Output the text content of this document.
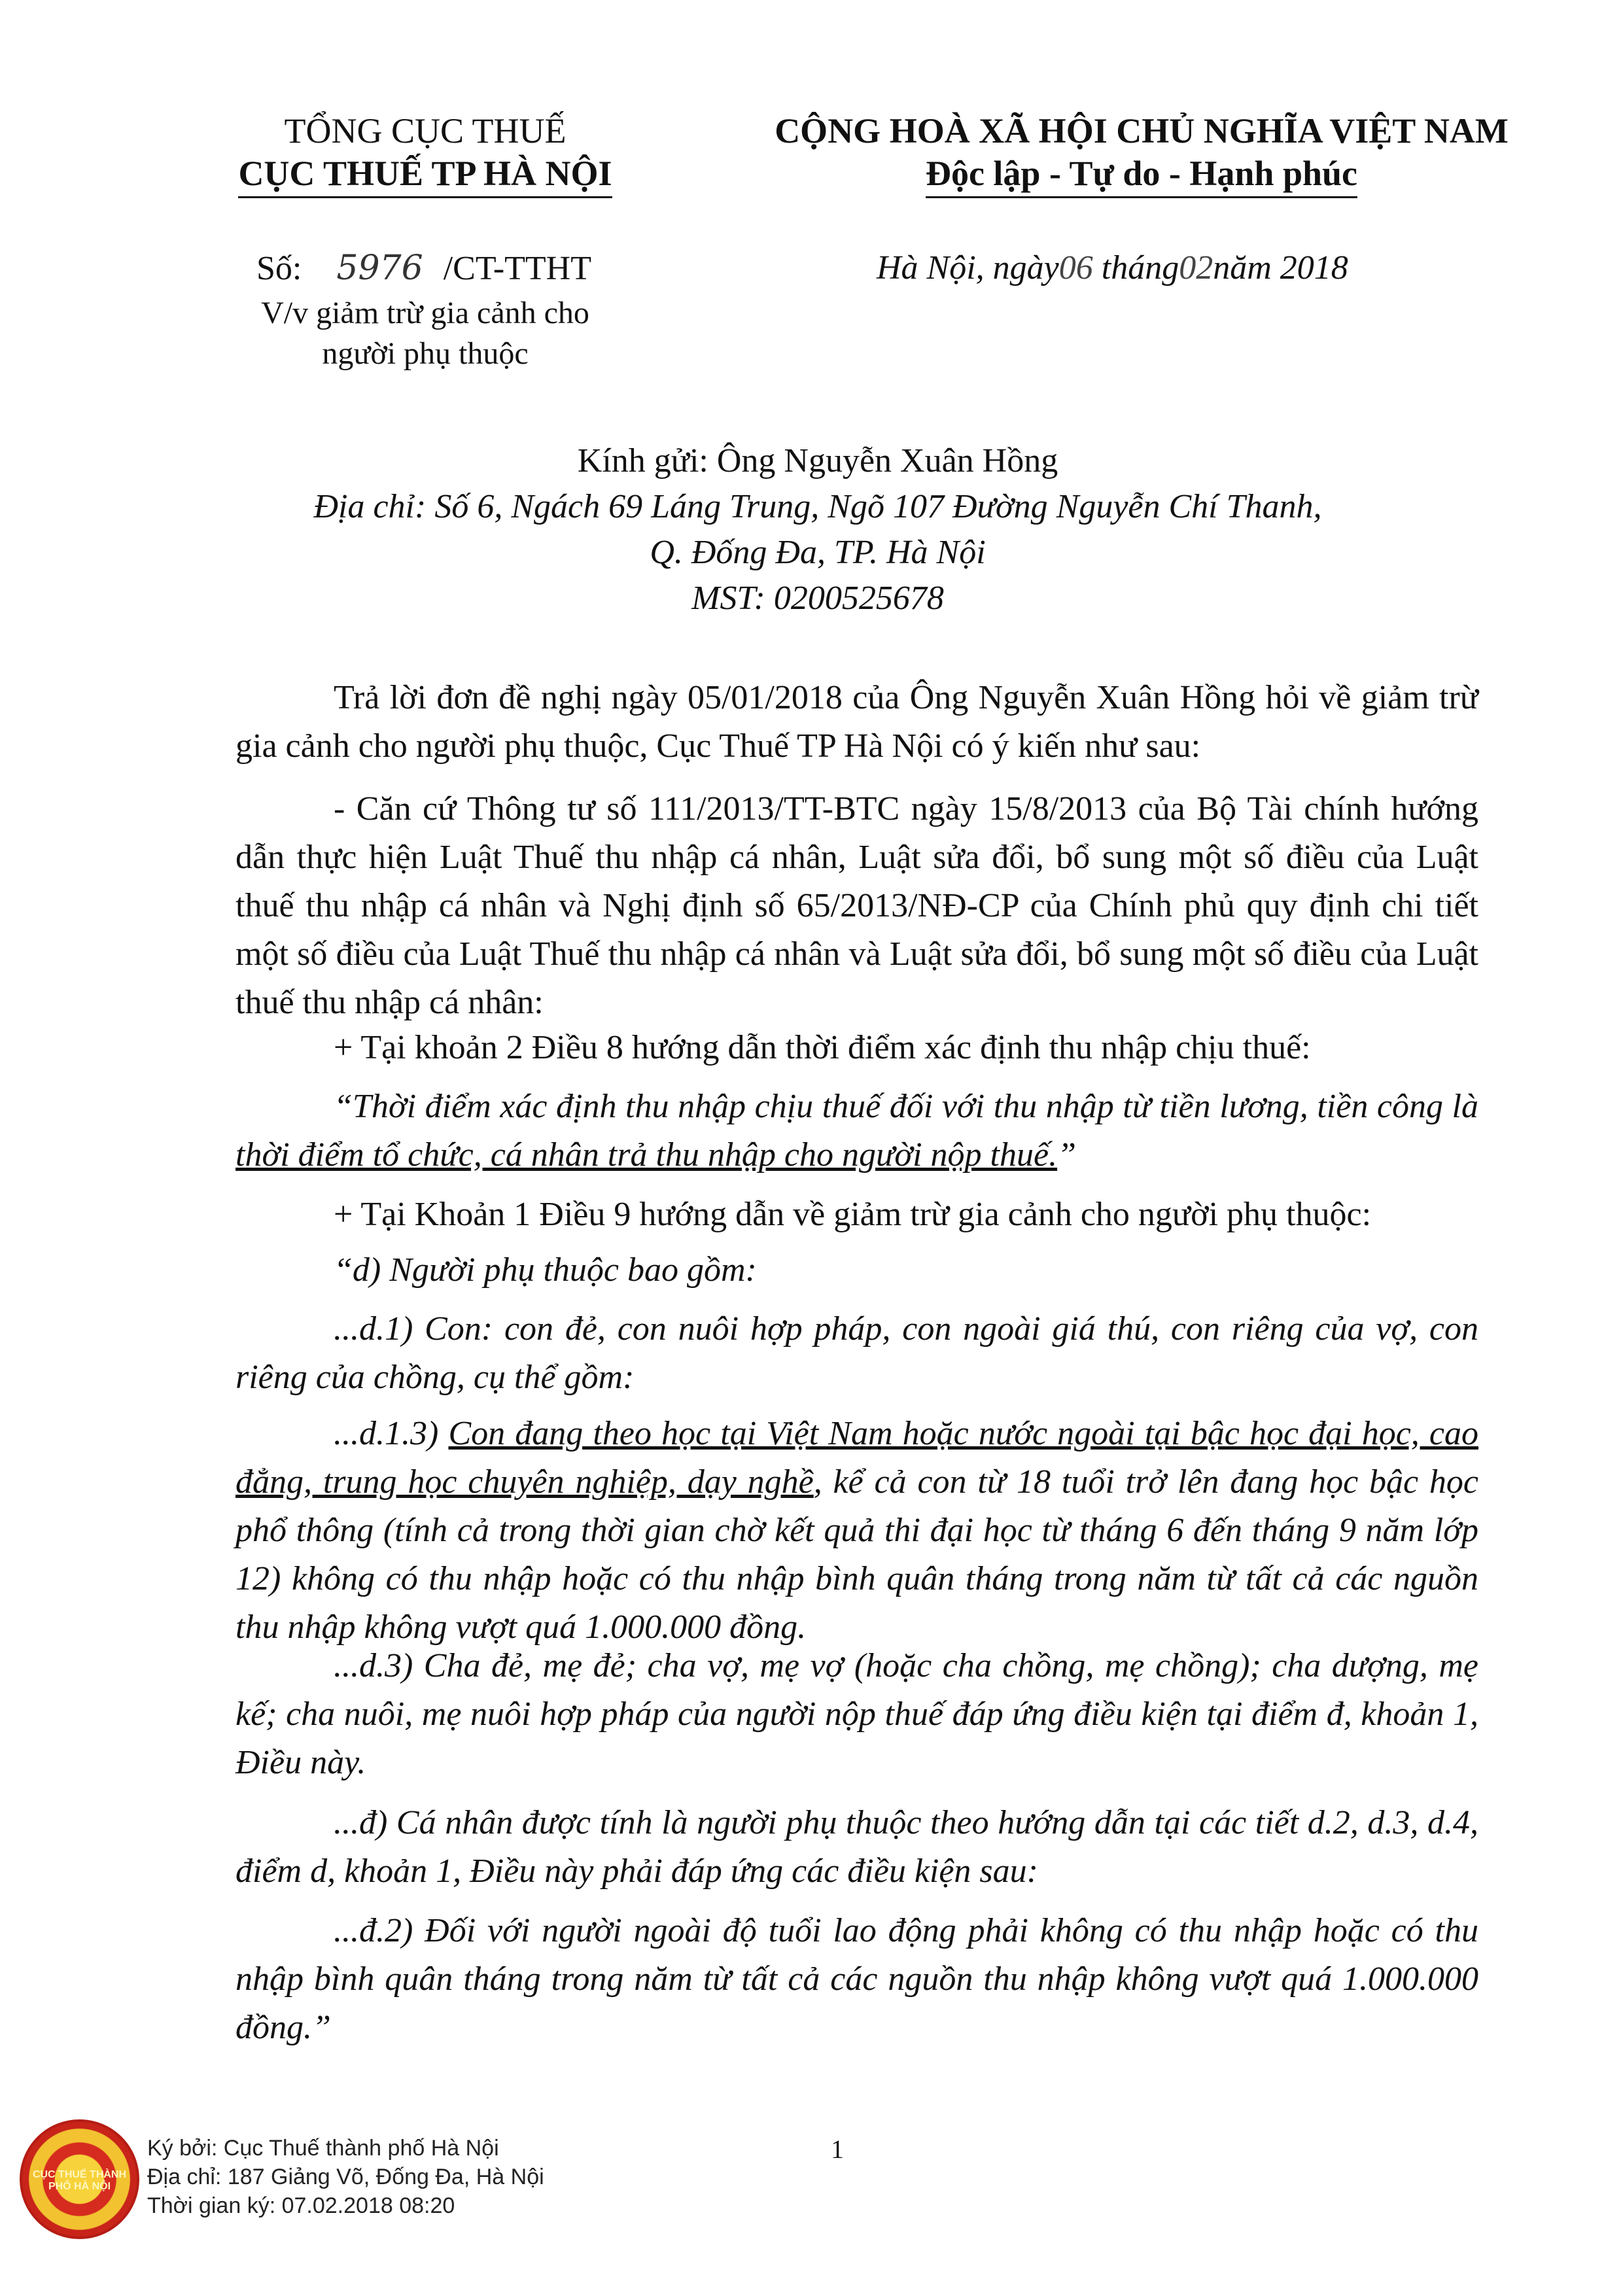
TỔNG CỤC THUẾ
CỤC THUẾ TP HÀ NỘI
CỘNG HOÀ XÃ HỘI CHỦ NGHĨA VIỆT NAM
Độc lập - Tự do - Hạnh phúc
Số: 5976 /CT-TTHT
V/v giảm trừ gia cảnh cho
người phụ thuộc
Hà Nội, ngày06 tháng02năm 2018
Kính gửi: Ông Nguyễn Xuân Hồng
Địa chỉ: Số 6, Ngách 69 Láng Trung, Ngõ 107 Đường Nguyễn Chí Thanh,
Q. Đống Đa, TP. Hà Nội
MST: 0200525678
Trả lời đơn đề nghị ngày 05/01/2018 của Ông Nguyễn Xuân Hồng hỏi về giảm trừ gia cảnh cho người phụ thuộc, Cục Thuế TP Hà Nội có ý kiến như sau:
- Căn cứ Thông tư số 111/2013/TT-BTC ngày 15/8/2013 của Bộ Tài chính hướng dẫn thực hiện Luật Thuế thu nhập cá nhân, Luật sửa đổi, bổ sung một số điều của Luật thuế thu nhập cá nhân và Nghị định số 65/2013/NĐ-CP của Chính phủ quy định chi tiết một số điều của Luật Thuế thu nhập cá nhân và Luật sửa đổi, bổ sung một số điều của Luật thuế thu nhập cá nhân:
+ Tại khoản 2 Điều 8 hướng dẫn thời điểm xác định thu nhập chịu thuế:
“Thời điểm xác định thu nhập chịu thuế đối với thu nhập từ tiền lương, tiền công là thời điểm tổ chức, cá nhân trả thu nhập cho người nộp thuế.”
+ Tại Khoản 1 Điều 9 hướng dẫn về giảm trừ gia cảnh cho người phụ thuộc:
“d) Người phụ thuộc bao gồm:
...d.1) Con: con đẻ, con nuôi hợp pháp, con ngoài giá thú, con riêng của vợ, con riêng của chồng, cụ thể gồm:
...d.1.3) Con đang theo học tại Việt Nam hoặc nước ngoài tại bậc học đại học, cao đẳng, trung học chuyên nghiệp, dạy nghề, kể cả con từ 18 tuổi trở lên đang học bậc học phổ thông (tính cả trong thời gian chờ kết quả thi đại học từ tháng 6 đến tháng 9 năm lớp 12) không có thu nhập hoặc có thu nhập bình quân tháng trong năm từ tất cả các nguồn thu nhập không vượt quá 1.000.000 đồng.
...d.3) Cha đẻ, mẹ đẻ; cha vợ, mẹ vợ (hoặc cha chồng, mẹ chồng); cha dượng, mẹ kế; cha nuôi, mẹ nuôi hợp pháp của người nộp thuế đáp ứng điều kiện tại điểm đ, khoản 1, Điều này.
...đ) Cá nhân được tính là người phụ thuộc theo hướng dẫn tại các tiết d.2, d.3, d.4, điểm d, khoản 1, Điều này phải đáp ứng các điều kiện sau:
...đ.2) Đối với người ngoài độ tuổi lao động phải không có thu nhập hoặc có thu nhập bình quân tháng trong năm từ tất cả các nguồn thu nhập không vượt quá 1.000.000 đồng.”
CỤC THUẾ THÀNH PHỐ HÀ NỘI
Ký bởi: Cục Thuế thành phố Hà Nội
Địa chỉ: 187 Giảng Võ, Đống Đa, Hà Nội
Thời gian ký: 07.02.2018 08:20
1
